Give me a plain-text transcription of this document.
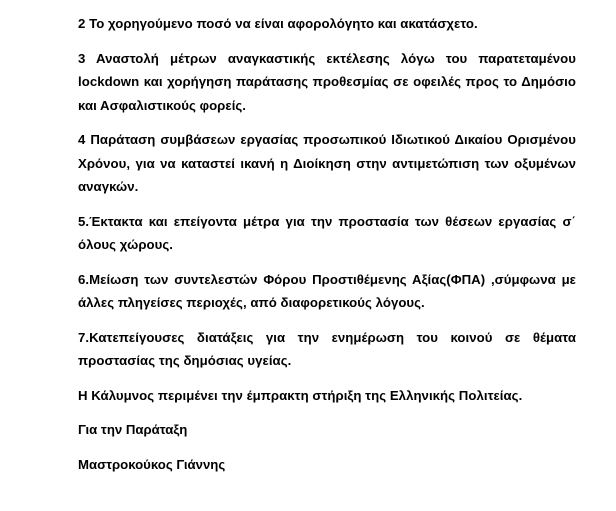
2 Το χορηγούμενο ποσό να είναι αφορολόγητο και ακατάσχετο.

3 Αναστολή μέτρων αναγκαστικής εκτέλεσης λόγω του παρατεταμένου lockdown και χορήγηση παράτασης προθεσμίας σε οφειλές προς το Δημόσιο και Ασφαλιστικούς φορείς.

4 Παράταση συμβάσεων εργασίας προσωπικού Ιδιωτικού Δικαίου Ορισμένου Χρόνου, για να καταστεί ικανή η Διοίκηση στην αντιμετώπιση των οξυμένων αναγκών.

5.Έκτακτα και επείγοντα μέτρα για την προστασία των θέσεων εργασίας σ΄ όλους χώρους.

6.Μείωση των συντελεστών Φόρου Προστιθέμενης Αξίας(ΦΠΑ) ,σύμφωνα με άλλες πληγείσες περιοχές, από διαφορετικούς λόγους.

7.Κατεπείγουσες διατάξεις για την ενημέρωση του κοινού σε θέματα προστασίας της δημόσιας υγείας.

Η Κάλυμνος περιμένει την έμπρακτη στήριξη της Ελληνικής Πολιτείας.

Για την Παράταξη

Μαστροκούκος Γιάννης
